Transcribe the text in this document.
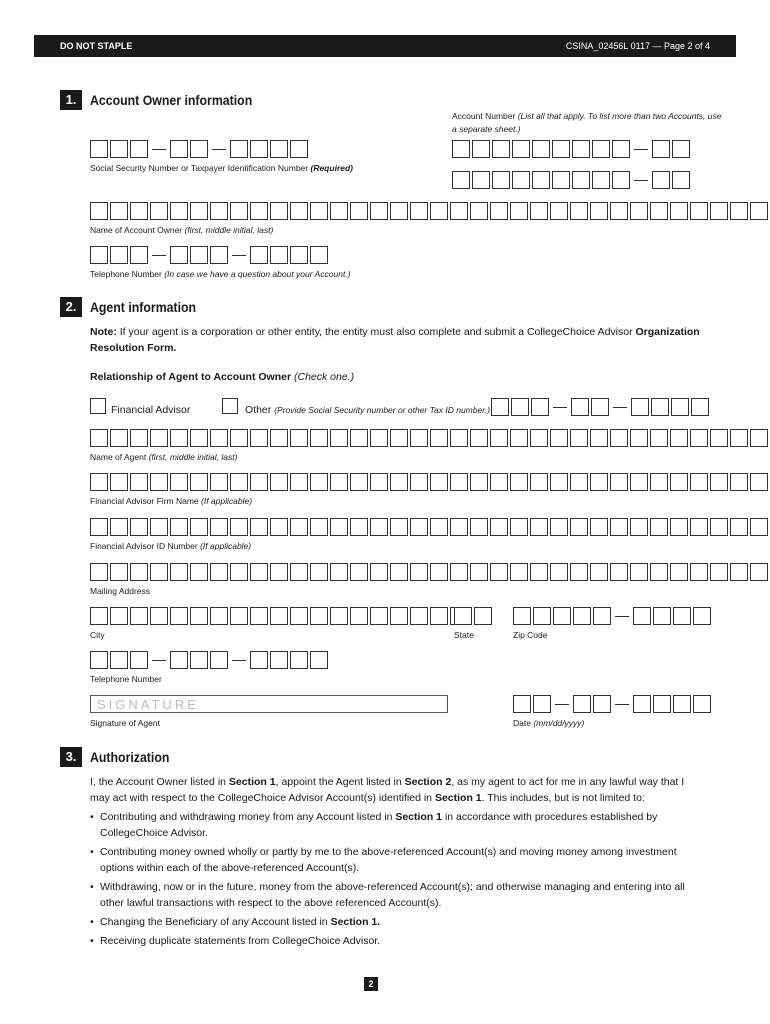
DO NOT STAPLE	CSINA_02456L 0117 — Page 2 of 4
1. Account Owner information
Account Number (List all that apply. To list more than two Accounts, use a separate sheet.)
Social Security Number or Taxpayer Identification Number (Required)
Name of Account Owner (first, middle initial, last)
Telephone Number (In case we have a question about your Account.)
2. Agent information
Note: If your agent is a corporation or other entity, the entity must also complete and submit a CollegeChoice Advisor Organization Resolution Form.
Relationship of Agent to Account Owner (Check one.)
Financial Advisor	Other (Provide Social Security number or other Tax ID number.)
Name of Agent (first, middle initial, last)
Financial Advisor Firm Name (If applicable)
Financial Advisor ID Number (If applicable)
Mailing Address
City	State	Zip Code
Telephone Number
SIGNATURE
Signature of Agent	Date (mm/dd/yyyy)
3. Authorization
I, the Account Owner listed in Section 1, appoint the Agent listed in Section 2, as my agent to act for me in any lawful way that I may act with respect to the CollegeChoice Advisor Account(s) identified in Section 1. This includes, but is not limited to:
• Contributing and withdrawing money from any Account listed in Section 1 in accordance with procedures established by CollegeChoice Advisor.
• Contributing money owned wholly or partly by me to the above-referenced Account(s) and moving money among investment options within each of the above-referenced Account(s).
• Withdrawing, now or in the future, money from the above-referenced Account(s); and otherwise managing and entering into all other lawful transactions with respect to the above referenced Account(s).
• Changing the Beneficiary of any Account listed in Section 1.
• Receiving duplicate statements from CollegeChoice Advisor.
2
